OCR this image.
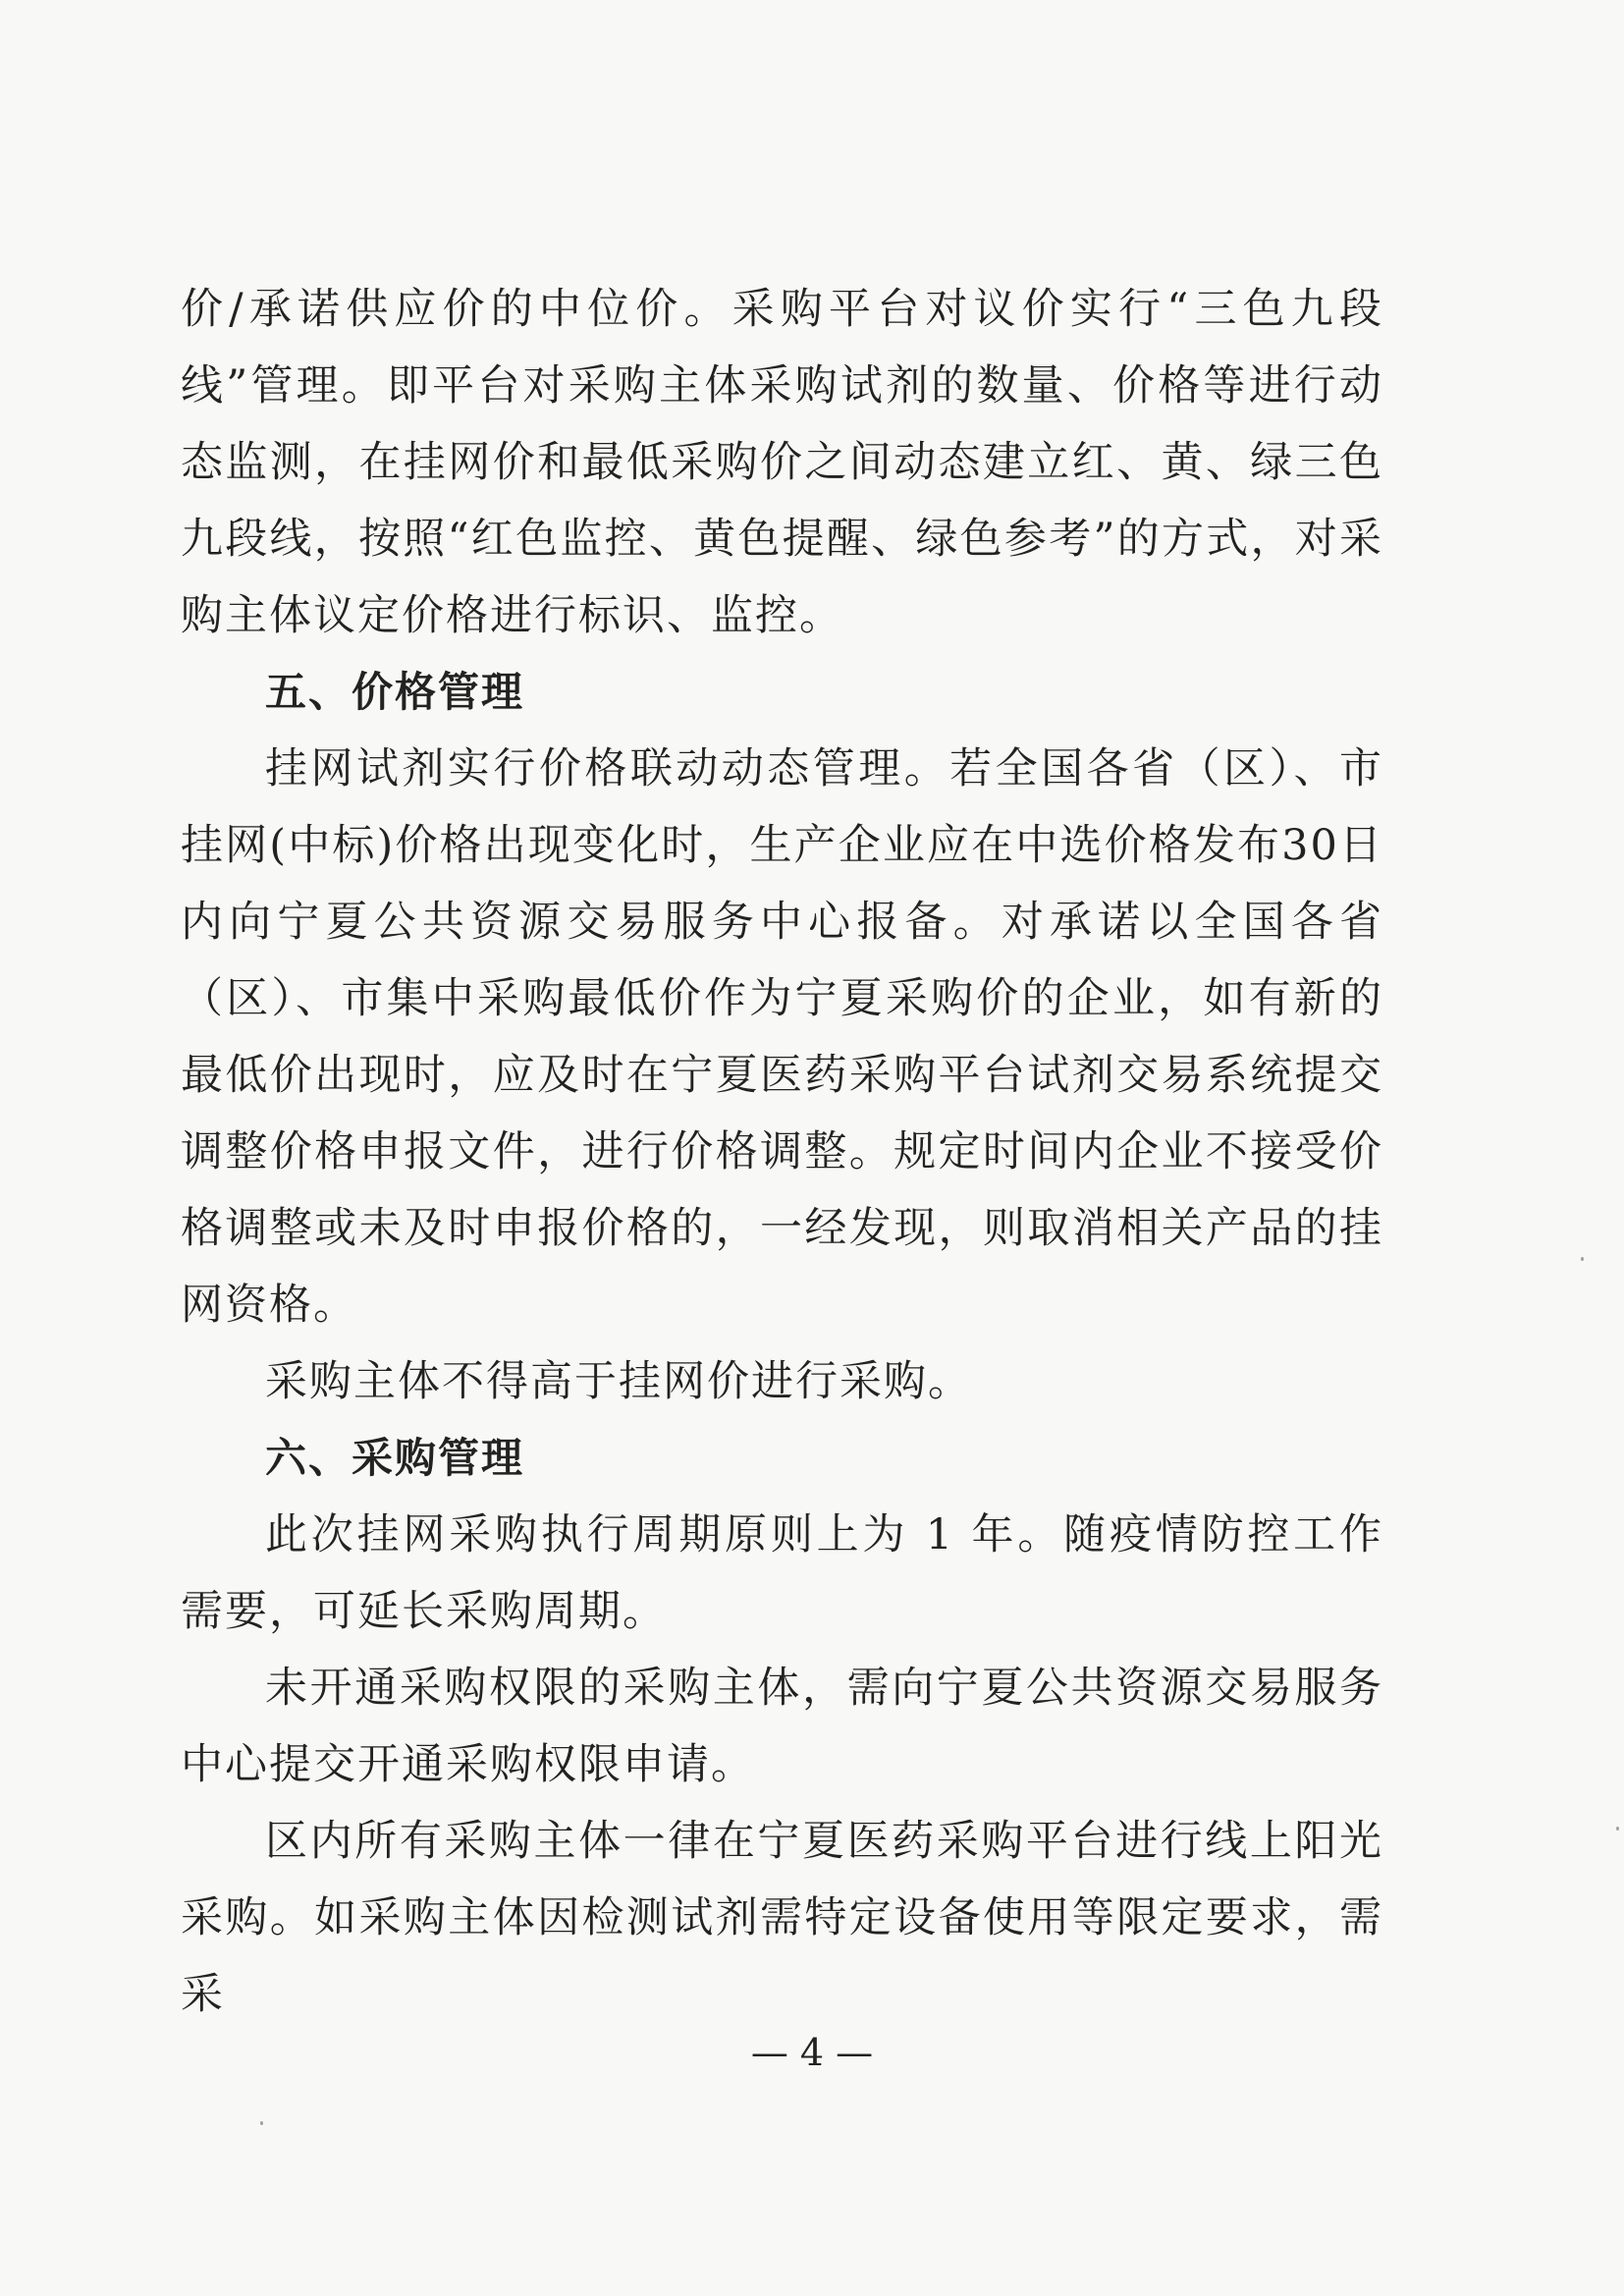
价/承诺供应价的中位价。采购平台对议价实行“三色九段线”管理。即平台对采购主体采购试剂的数量、价格等进行动态监测，在挂网价和最低采购价之间动态建立红、黄、绿三色九段线，按照“红色监控、黄色提醒、绿色参考”的方式，对采购主体议定价格进行标识、监控。

五、价格管理

挂网试剂实行价格联动动态管理。若全国各省（区）、市挂网(中标)价格出现变化时，生产企业应在中选价格发布30日内向宁夏公共资源交易服务中心报备。对承诺以全国各省（区）、市集中采购最低价作为宁夏采购价的企业，如有新的最低价出现时，应及时在宁夏医药采购平台试剂交易系统提交调整价格申报文件，进行价格调整。规定时间内企业不接受价格调整或未及时申报价格的，一经发现，则取消相关产品的挂网资格。

采购主体不得高于挂网价进行采购。

六、采购管理

此次挂网采购执行周期原则上为 1 年。随疫情防控工作需要，可延长采购周期。

未开通采购权限的采购主体，需向宁夏公共资源交易服务中心提交开通采购权限申请。

区内所有采购主体一律在宁夏医药采购平台进行线上阳光采购。如采购主体因检测试剂需特定设备使用等限定要求，需采

— 4 —
